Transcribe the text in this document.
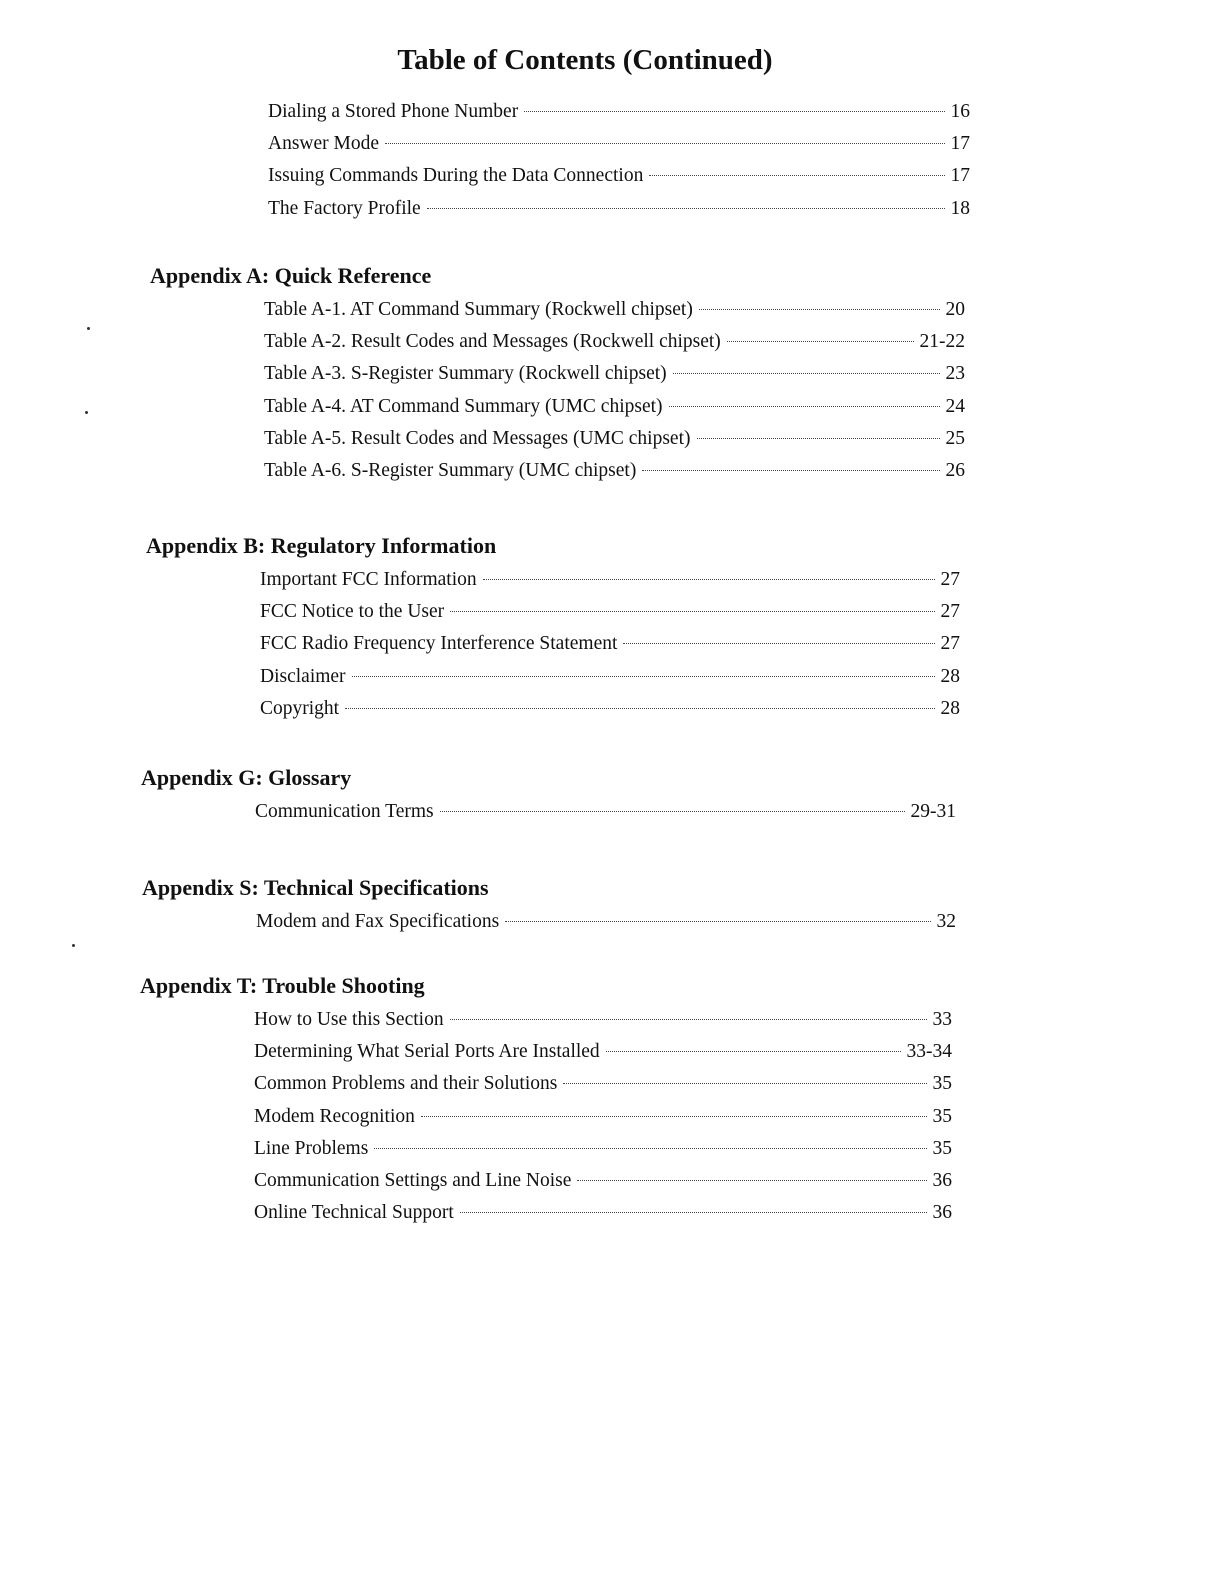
Table of Contents (Continued)
Dialing a Stored Phone Number	16
Answer Mode	17
Issuing Commands During the Data Connection	17
The Factory Profile	18
Appendix A: Quick Reference
Table A-1. AT Command Summary (Rockwell chipset)	20
Table A-2. Result Codes and Messages (Rockwell chipset)	21-22
Table A-3. S-Register Summary (Rockwell chipset)	23
Table A-4. AT Command Summary (UMC chipset)	24
Table A-5. Result Codes and Messages (UMC chipset)	25
Table A-6. S-Register Summary (UMC chipset)	26
Appendix B: Regulatory Information
Important FCC Information	27
FCC Notice to the User	27
FCC Radio Frequency Interference Statement	27
Disclaimer	28
Copyright	28
Appendix G: Glossary
Communication Terms	29-31
Appendix S: Technical Specifications
Modem and Fax Specifications	32
Appendix T: Trouble Shooting
How to Use this Section	33
Determining What Serial Ports Are Installed	33-34
Common Problems and their Solutions	35
Modem Recognition	35
Line Problems	35
Communication Settings and Line Noise	36
Online Technical Support	36
